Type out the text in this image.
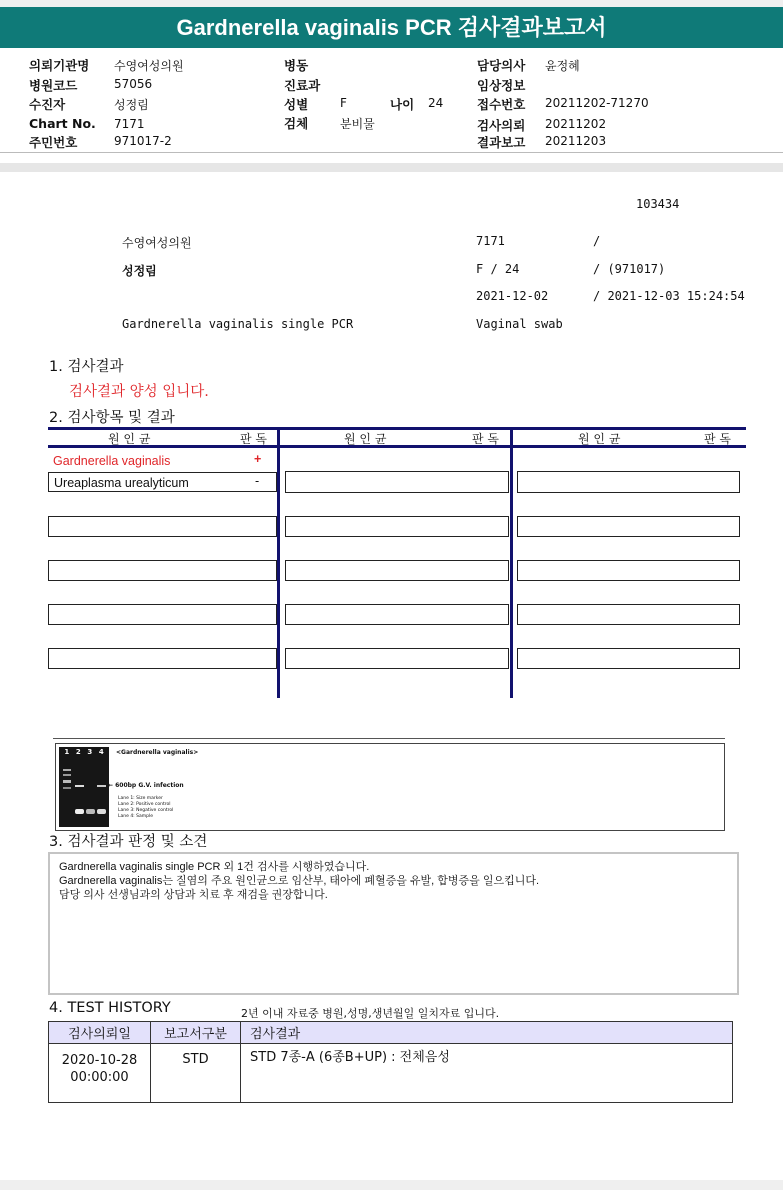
Gardnerella vaginalis PCR 검사결과보고서
의뢰기관명 수영여성의원
병원코드	57056
수진자	성정림
Chart No. 7171
주민번호	971017-2
병동
진료과
성별	F	나이 24
검체	분비물
담당의사 윤정혜
임상정보
접수번호 20211202-71270
검사의뢰 20211202
결과보고 20211203
103434
수영여성의원	7171	/
성정림	F / 24	/ (971017)
2021-12-02	/ 2021-12-03 15:24:54
Gardnerella vaginalis single PCR	Vaginal swab
1. 검사결과
검사결과 양성 입니다.
2. 검사항목 및 결과
원 인 균	판 독	원 인 균	판 독	원 인 균	판 독
Gardnerella vaginalis	+
Ureaplasma urealyticum	-
1 2 3 4 <Gardnerella vaginalis>
← 600bp G.V. infection
Lane 1: Size marker
Lane 2: Positive control
Lane 3: Negative control
Lane 4: Sample
3. 검사결과 판정 및 소견
Gardnerella vaginalis single PCR 외 1건 검사를 시행하였습니다.
Gardnerella vaginalis는 질염의 주요 원인균으로 임산부, 태아에 폐혈증을 유발, 합병증을 일으킵니다.
담당 의사 선생님과의 상담과 치료 후 재검을 권장합니다.
4. TEST HISTORY	2년 이내 자료중 병원,성명,생년월일 일치자료 입니다.
검사의뢰일	보고서구분	검사결과

2020-10-28
00:00:00	STD	STD 7종-A (6종B+UP) : 전체음성
